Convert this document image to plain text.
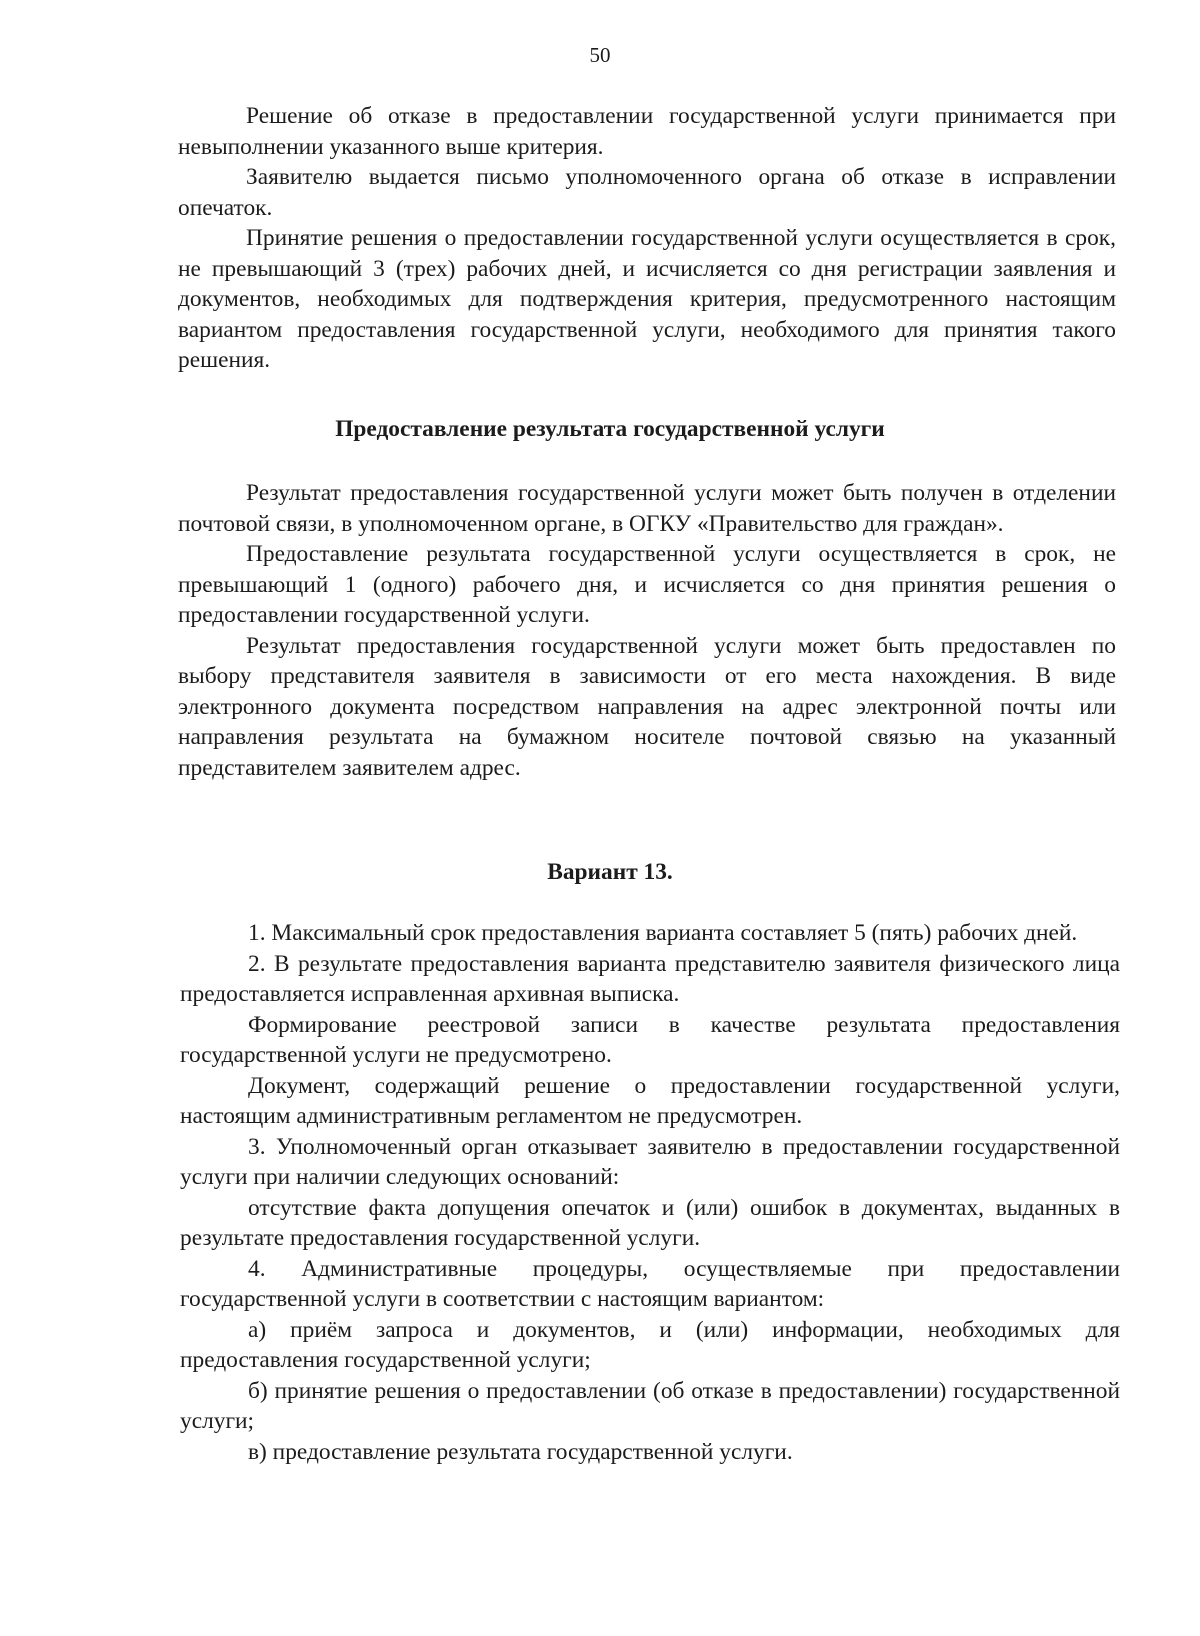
50

Решение об отказе в предоставлении государственной услуги принимается при невыполнении указанного выше критерия.

Заявителю выдается письмо уполномоченного органа об отказе в исправлении опечаток.

Принятие решения о предоставлении государственной услуги осуществляется в срок, не превышающий 3 (трех) рабочих дней, и исчисляется со дня регистрации заявления и документов, необходимых для подтверждения критерия, предусмотренного настоящим вариантом предоставления государственной услуги, необходимого для принятия такого решения.

Предоставление результата государственной услуги

Результат предоставления государственной услуги может быть получен в отделении почтовой связи, в уполномоченном органе, в ОГКУ «Правительство для граждан».

Предоставление результата государственной услуги осуществляется в срок, не превышающий 1 (одного) рабочего дня, и исчисляется со дня принятия решения о предоставлении государственной услуги.

Результат предоставления государственной услуги может быть предоставлен по выбору представителя заявителя в зависимости от его места нахождения. В виде электронного документа посредством направления на адрес электронной почты или направления результата на бумажном носителе почтовой связью на указанный представителем заявителем адрес.

Вариант 13.

1. Максимальный срок предоставления варианта составляет 5 (пять) рабочих дней.

2. В результате предоставления варианта представителю заявителя физического лица предоставляется исправленная архивная выписка.

Формирование реестровой записи в качестве результата предоставления государственной услуги не предусмотрено.

Документ, содержащий решение о предоставлении государственной услуги, настоящим административным регламентом не предусмотрен.

3. Уполномоченный орган отказывает заявителю в предоставлении государственной услуги при наличии следующих оснований:

отсутствие факта допущения опечаток и (или) ошибок в документах, выданных в результате предоставления государственной услуги.

4. Административные процедуры, осуществляемые при предоставлении государственной услуги в соответствии с настоящим вариантом:

а) приём запроса и документов, и (или) информации, необходимых для предоставления государственной услуги;

б) принятие решения о предоставлении (об отказе в предоставлении) государственной услуги;

в) предоставление результата государственной услуги.
